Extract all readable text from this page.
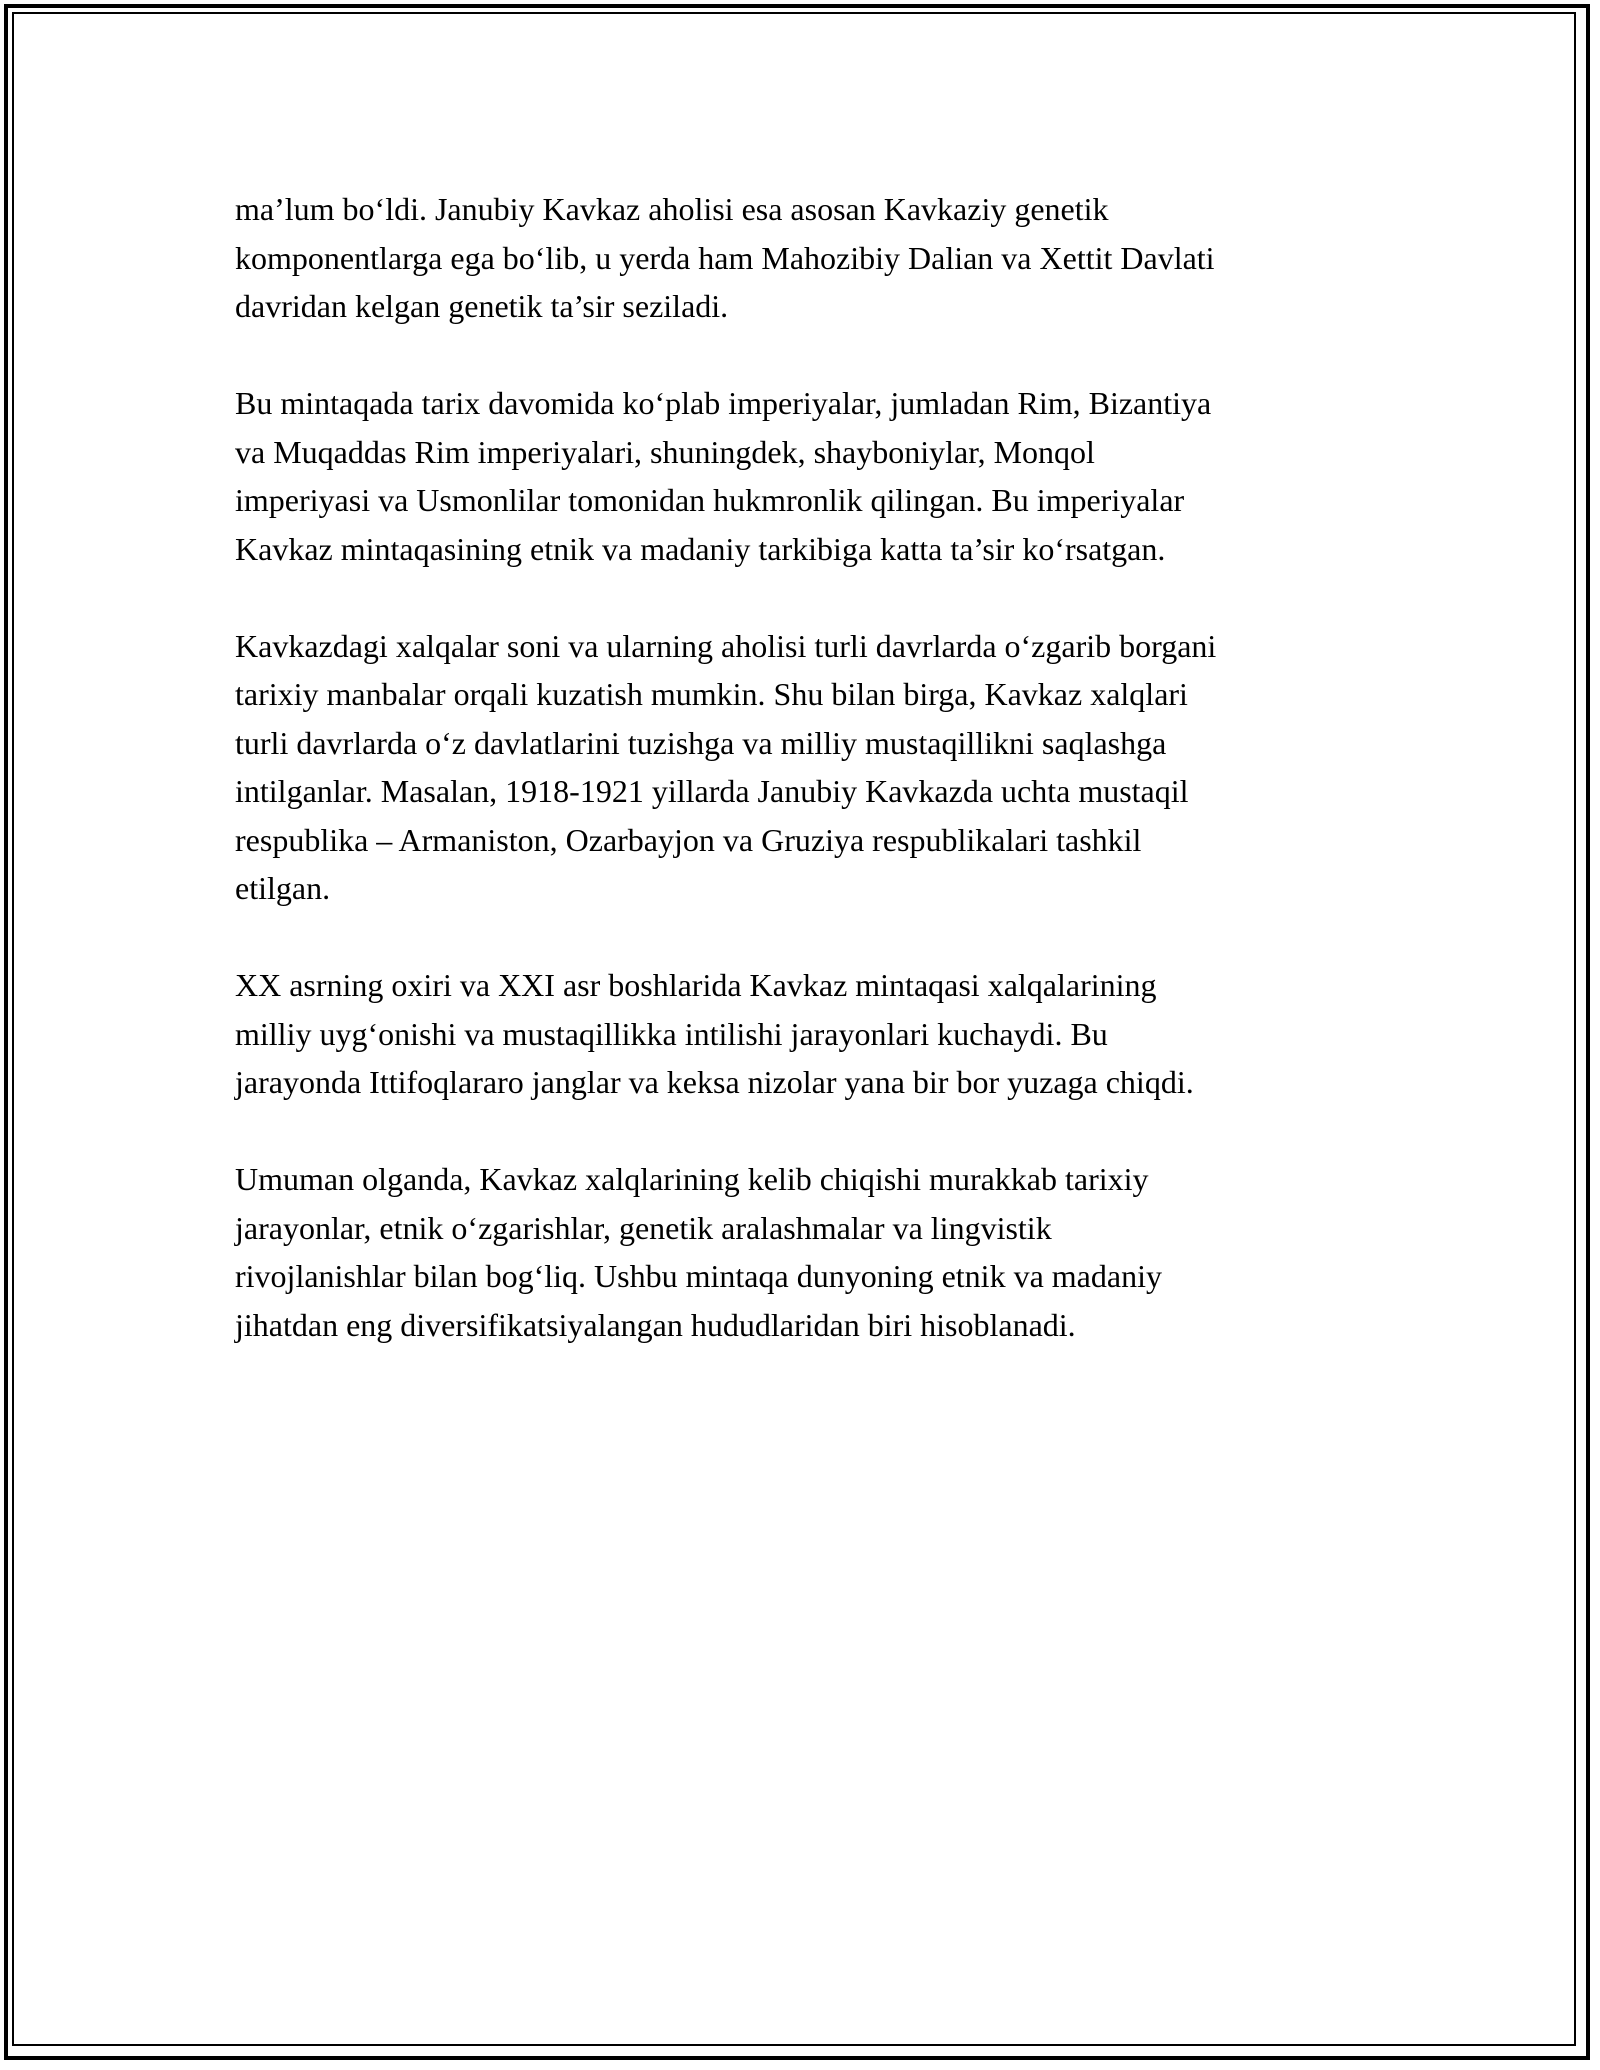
ma’lum bo‘ldi. Janubiy Kavkaz aholisi esa asosan Kavkaziy genetik
komponentlarga ega bo‘lib, u yerda ham Mahozibiy Dalian va Xettit Davlati
davridan kelgan genetik ta’sir seziladi.

Bu mintaqada tarix davomida ko‘plab imperiyalar, jumladan Rim, Bizantiya
va Muqaddas Rim imperiyalari, shuningdek, shayboniylar, Monqol
imperiyasi va Usmonlilar tomonidan hukmronlik qilingan. Bu imperiyalar
Kavkaz mintaqasining etnik va madaniy tarkibiga katta ta’sir ko‘rsatgan.

Kavkazdagi xalqalar soni va ularning aholisi turli davrlarda o‘zgarib borgani
tarixiy manbalar orqali kuzatish mumkin. Shu bilan birga, Kavkaz xalqlari
turli davrlarda o‘z davlatlarini tuzishga va milliy mustaqillikni saqlashga
intilganlar. Masalan, 1918-1921 yillarda Janubiy Kavkazda uchta mustaqil
respublika – Armaniston, Ozarbayjon va Gruziya respublikalari tashkil
etilgan.

XX asrning oxiri va XXI asr boshlarida Kavkaz mintaqasi xalqalarining
milliy uyg‘onishi va mustaqillikka intilishi jarayonlari kuchaydi. Bu
jarayonda Ittifoqlararo janglar va keksa nizolar yana bir bor yuzaga chiqdi.

Umuman olganda, Kavkaz xalqlarining kelib chiqishi murakkab tarixiy
jarayonlar, etnik o‘zgarishlar, genetik aralashmalar va lingvistik
rivojlanishlar bilan bog‘liq. Ushbu mintaqa dunyoning etnik va madaniy
jihatdan eng diversifikatsiyalangan hududlaridan biri hisoblanadi.
